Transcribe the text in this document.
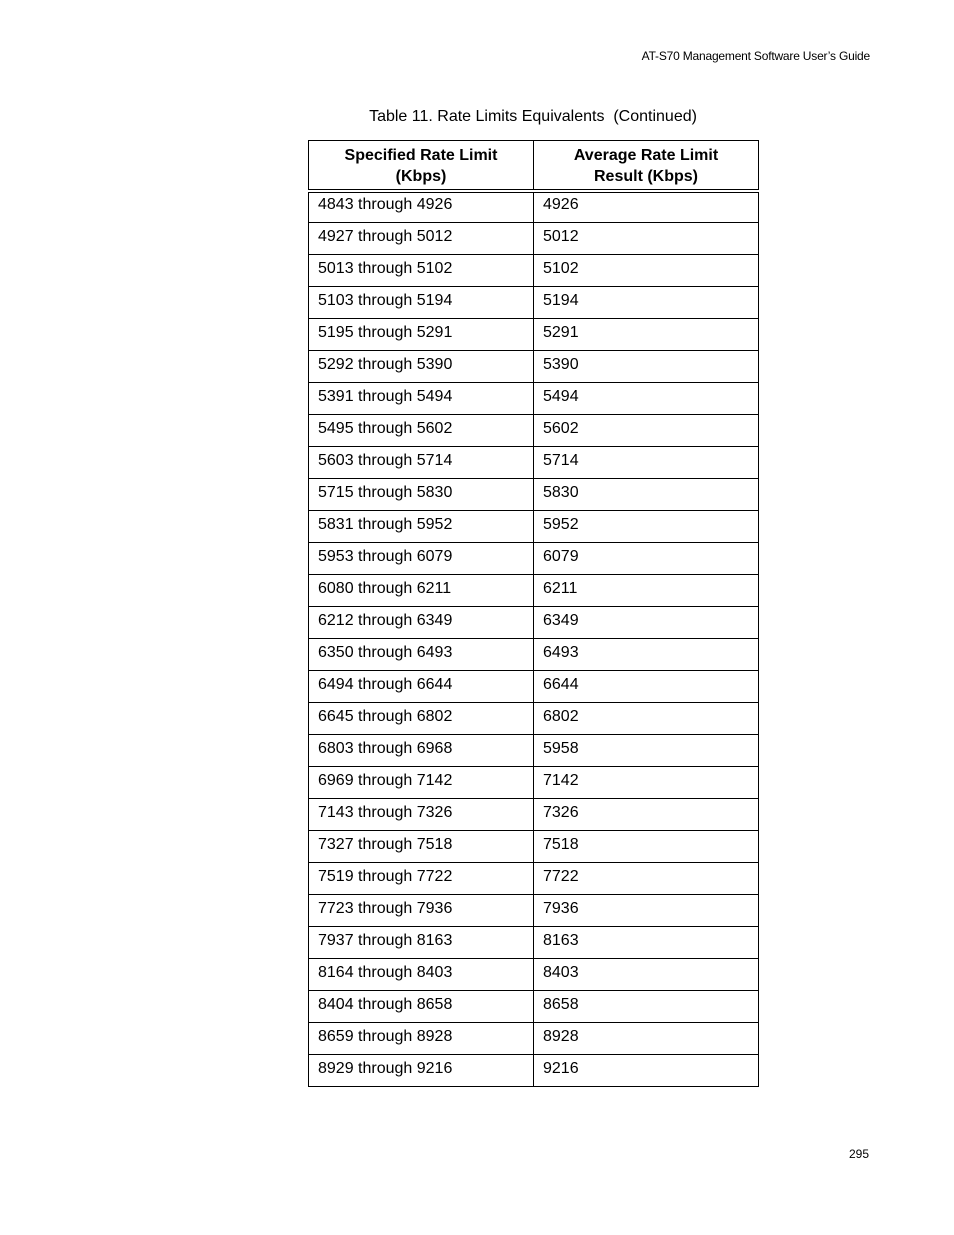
AT-S70 Management Software User’s Guide
Table 11. Rate Limits Equivalents  (Continued)
Specified Rate Limit
(Kbps)	Average Rate Limit
Result (Kbps)
4843 through 4926	4926
4927 through 5012	5012
5013 through 5102	5102
5103 through 5194	5194
5195 through 5291	5291
5292 through 5390	5390
5391 through 5494	5494
5495 through 5602	5602
5603 through 5714	5714
5715 through 5830	5830
5831 through 5952	5952
5953 through 6079	6079
6080 through 6211	6211
6212 through 6349	6349
6350 through 6493	6493
6494 through 6644	6644
6645 through 6802	6802
6803 through 6968	5958
6969 through 7142	7142
7143 through 7326	7326
7327 through 7518	7518
7519 through 7722	7722
7723 through 7936	7936
7937 through 8163	8163
8164 through 8403	8403
8404 through 8658	8658
8659 through 8928	8928
8929 through 9216	9216
295
